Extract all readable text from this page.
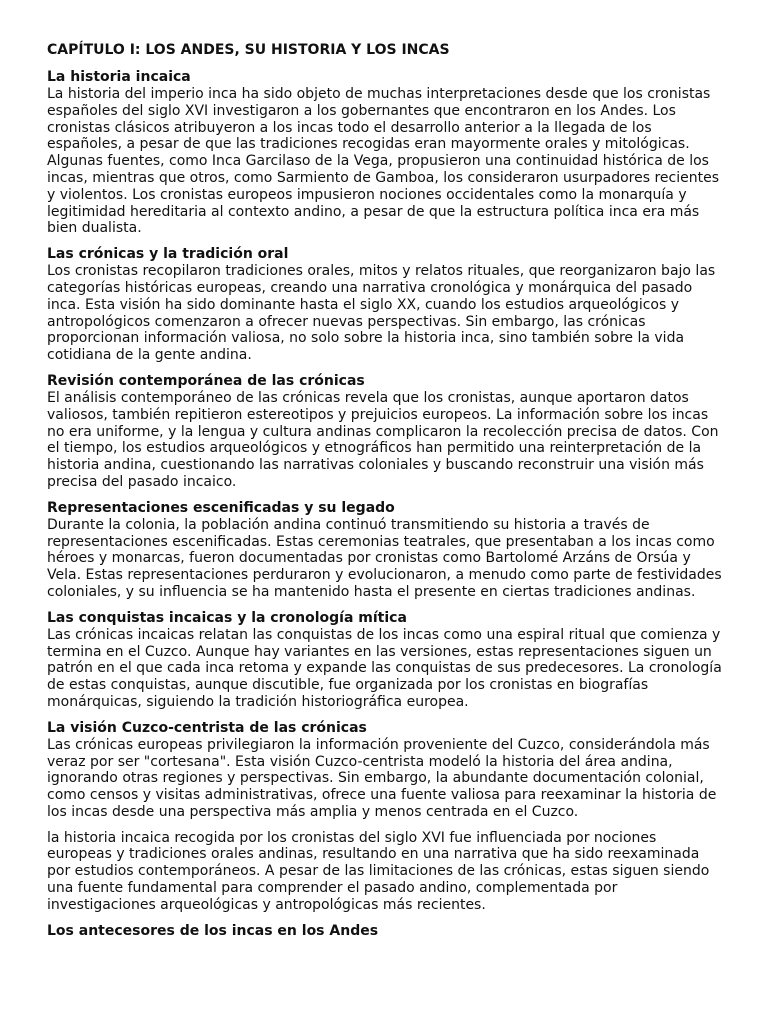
CAPÍTULO I: LOS ANDES, SU HISTORIA Y LOS INCAS
La historia incaica

La historia del imperio inca ha sido objeto de muchas interpretaciones desde que los cronistas españoles del siglo XVI investigaron a los gobernantes que encontraron en los Andes. Los cronistas clásicos atribuyeron a los incas todo el desarrollo anterior a la llegada de los españoles, a pesar de que las tradiciones recogidas eran mayormente orales y mitológicas. Algunas fuentes, como Inca Garcilaso de la Vega, propusieron una continuidad histórica de los incas, mientras que otros, como Sarmiento de Gamboa, los consideraron usurpadores recientes y violentos. Los cronistas europeos impusieron nociones occidentales como la monarquía y legitimidad hereditaria al contexto andino, a pesar de que la estructura política inca era más bien dualista.

Las crónicas y la tradición oral

Los cronistas recopilaron tradiciones orales, mitos y relatos rituales, que reorganizaron bajo las categorías históricas europeas, creando una narrativa cronológica y monárquica del pasado inca. Esta visión ha sido dominante hasta el siglo XX, cuando los estudios arqueológicos y antropológicos comenzaron a ofrecer nuevas perspectivas. Sin embargo, las crónicas proporcionan información valiosa, no solo sobre la historia inca, sino también sobre la vida cotidiana de la gente andina.

Revisión contemporánea de las crónicas

El análisis contemporáneo de las crónicas revela que los cronistas, aunque aportaron datos valiosos, también repitieron estereotipos y prejuicios europeos. La información sobre los incas no era uniforme, y la lengua y cultura andinas complicaron la recolección precisa de datos. Con el tiempo, los estudios arqueológicos y etnográficos han permitido una reinterpretación de la historia andina, cuestionando las narrativas coloniales y buscando reconstruir una visión más precisa del pasado incaico.

Representaciones escenificadas y su legado

Durante la colonia, la población andina continuó transmitiendo su historia a través de representaciones escenificadas. Estas ceremonias teatrales, que presentaban a los incas como héroes y monarcas, fueron documentadas por cronistas como Bartolomé Arzáns de Orsúa y Vela. Estas representaciones perduraron y evolucionaron, a menudo como parte de festividades coloniales, y su influencia se ha mantenido hasta el presente en ciertas tradiciones andinas.

Las conquistas incaicas y la cronología mítica

Las crónicas incaicas relatan las conquistas de los incas como una espiral ritual que comienza y termina en el Cuzco. Aunque hay variantes en las versiones, estas representaciones siguen un patrón en el que cada inca retoma y expande las conquistas de sus predecesores. La cronología de estas conquistas, aunque discutible, fue organizada por los cronistas en biografías monárquicas, siguiendo la tradición historiográfica europea.

La visión Cuzco-centrista de las crónicas

Las crónicas europeas privilegiaron la información proveniente del Cuzco, considerándola más veraz por ser "cortesana". Esta visión Cuzco-centrista modeló la historia del área andina, ignorando otras regiones y perspectivas. Sin embargo, la abundante documentación colonial, como censos y visitas administrativas, ofrece una fuente valiosa para reexaminar la historia de los incas desde una perspectiva más amplia y menos centrada en el Cuzco.

la historia incaica recogida por los cronistas del siglo XVI fue influenciada por nociones europeas y tradiciones orales andinas, resultando en una narrativa que ha sido reexaminada por estudios contemporáneos. A pesar de las limitaciones de las crónicas, estas siguen siendo una fuente fundamental para comprender el pasado andino, complementada por investigaciones arqueológicas y antropológicas más recientes.

Los antecesores de los incas en los Andes
